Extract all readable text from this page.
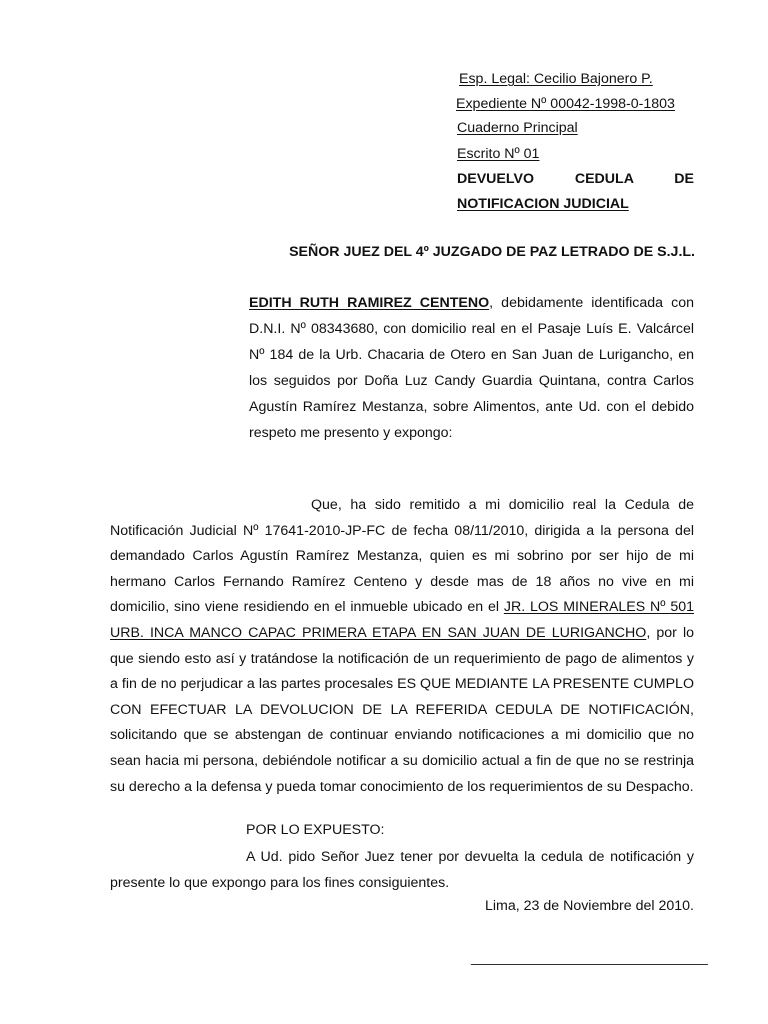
Esp. Legal: Cecilio Bajonero P.
Expediente Nº 00042-1998-0-1803
Cuaderno Principal
Escrito Nº 01
DEVUELVO CEDULA DE
NOTIFICACION JUDICIAL
SEÑOR JUEZ DEL 4º JUZGADO DE PAZ LETRADO DE S.J.L.

EDITH RUTH RAMIREZ CENTENO, debidamente identificada con D.N.I. Nº 08343680, con domicilio real en el Pasaje Luís E. Valcárcel Nº 184 de la Urb. Chacaria de Otero en San Juan de Lurigancho, en los seguidos por Doña Luz Candy Guardia Quintana, contra Carlos Agustín Ramírez Mestanza, sobre Alimentos, ante Ud. con el debido respeto me presento y expongo:

Que, ha sido remitido a mi domicilio real la Cedula de Notificación Judicial Nº 17641-2010-JP-FC de fecha 08/11/2010, dirigida a la persona del demandado Carlos Agustín Ramírez Mestanza, quien es mi sobrino por ser hijo de mi hermano Carlos Fernando Ramírez Centeno y desde mas de 18 años no vive en mi domicilio, sino viene residiendo en el inmueble ubicado en el JR. LOS MINERALES Nº 501 URB. INCA MANCO CAPAC PRIMERA ETAPA EN SAN JUAN DE LURIGANCHO, por lo que siendo esto así y tratándose la notificación de un requerimiento de pago de alimentos y a fin de no perjudicar a las partes procesales ES QUE MEDIANTE LA PRESENTE CUMPLO CON EFECTUAR LA DEVOLUCION DE LA REFERIDA CEDULA DE NOTIFICACIÓN, solicitando que se abstengan de continuar enviando notificaciones a mi domicilio que no sean hacia mi persona, debiéndole notificar a su domicilio actual a fin de que no se restrinja su derecho a la defensa y pueda tomar conocimiento de los requerimientos de su Despacho.

POR LO EXPUESTO:

A Ud. pido Señor Juez tener por devuelta la cedula de notificación y presente lo que expongo para los fines consiguientes.

Lima, 23 de Noviembre del 2010.
______________________________
